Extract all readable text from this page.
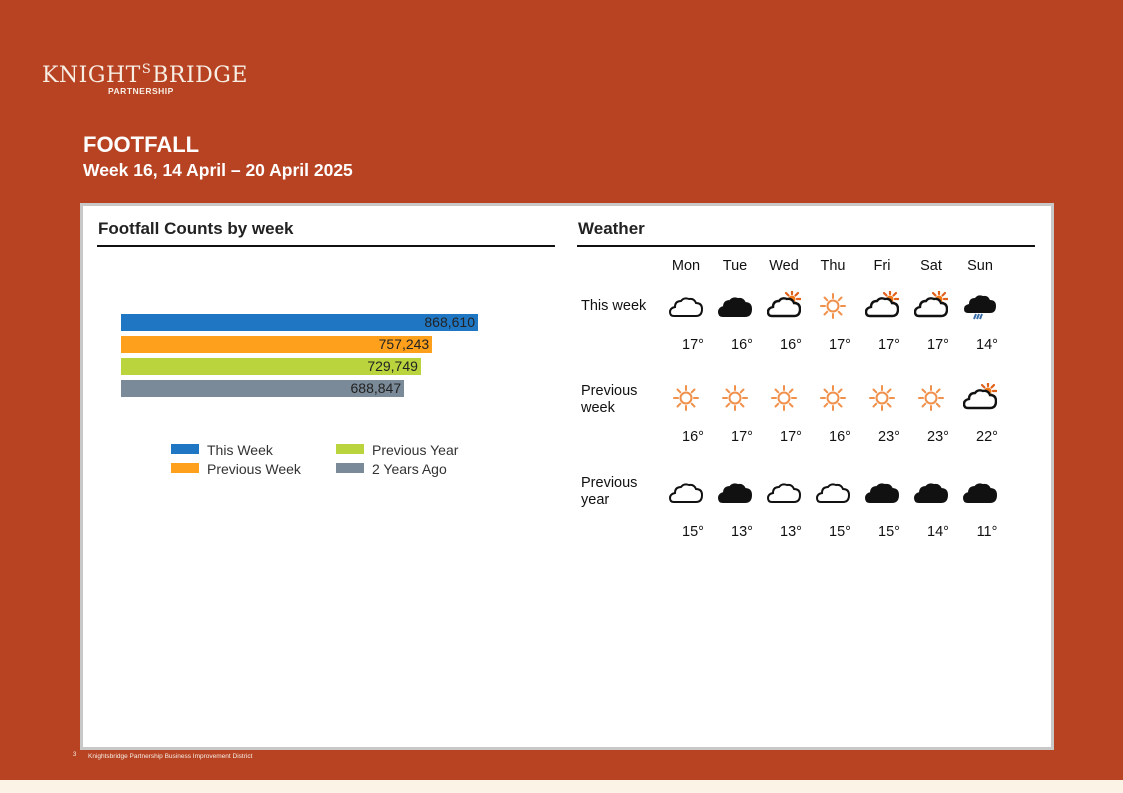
$KNIGHT^SBRIDGE$
PARTNERSHIP
FOOTFALL
Week 16, 14 April – 20 April 2025
Footfall Counts by week
868,610
757,243
729,749
688,847
This Week
Previous Week
Previous Year
2 Years Ago
Weather
Mon	Tue	Wed	Thu	Fri	Sat	Sun
This week
17°	16°	16°	17°	17°	17°	14°
Previous week
16°	17°	17°	16°	23°	23°	22°
Previous year
15°	13°	13°	15°	15°	14°	11°
3 Knightsbridge Partnership Business Improvement District
